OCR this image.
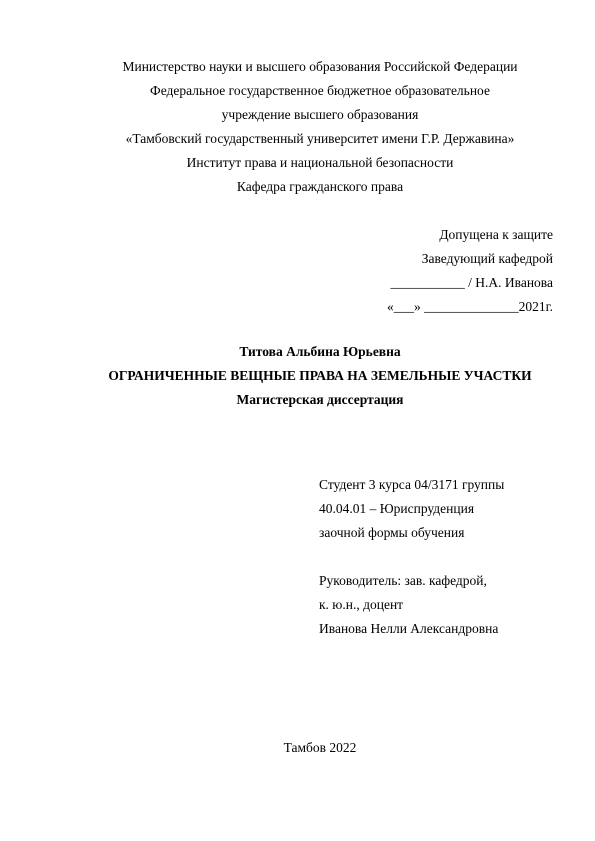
Министерство науки и высшего образования Российской Федерации
Федеральное государственное бюджетное образовательное
учреждение высшего образования
«Тамбовский государственный университет имени Г.Р. Державина»
Институт права и национальной безопасности
Кафедра гражданского права
Допущена к защите
Заведующий кафедрой
___________ / Н.А. Иванова
«___» ______________2021г.
Титова Альбина Юрьевна
ОГРАНИЧЕННЫЕ ВЕЩНЫЕ ПРАВА НА ЗЕМЕЛЬНЫЕ УЧАСТКИ
Магистерская диссертация
Студент 3 курса 04/3171 группы
40.04.01 – Юриспруденция
заочной формы обучения
Руководитель: зав. кафедрой,
к. ю.н., доцент
Иванова Нелли Александровна
Тамбов 2022
